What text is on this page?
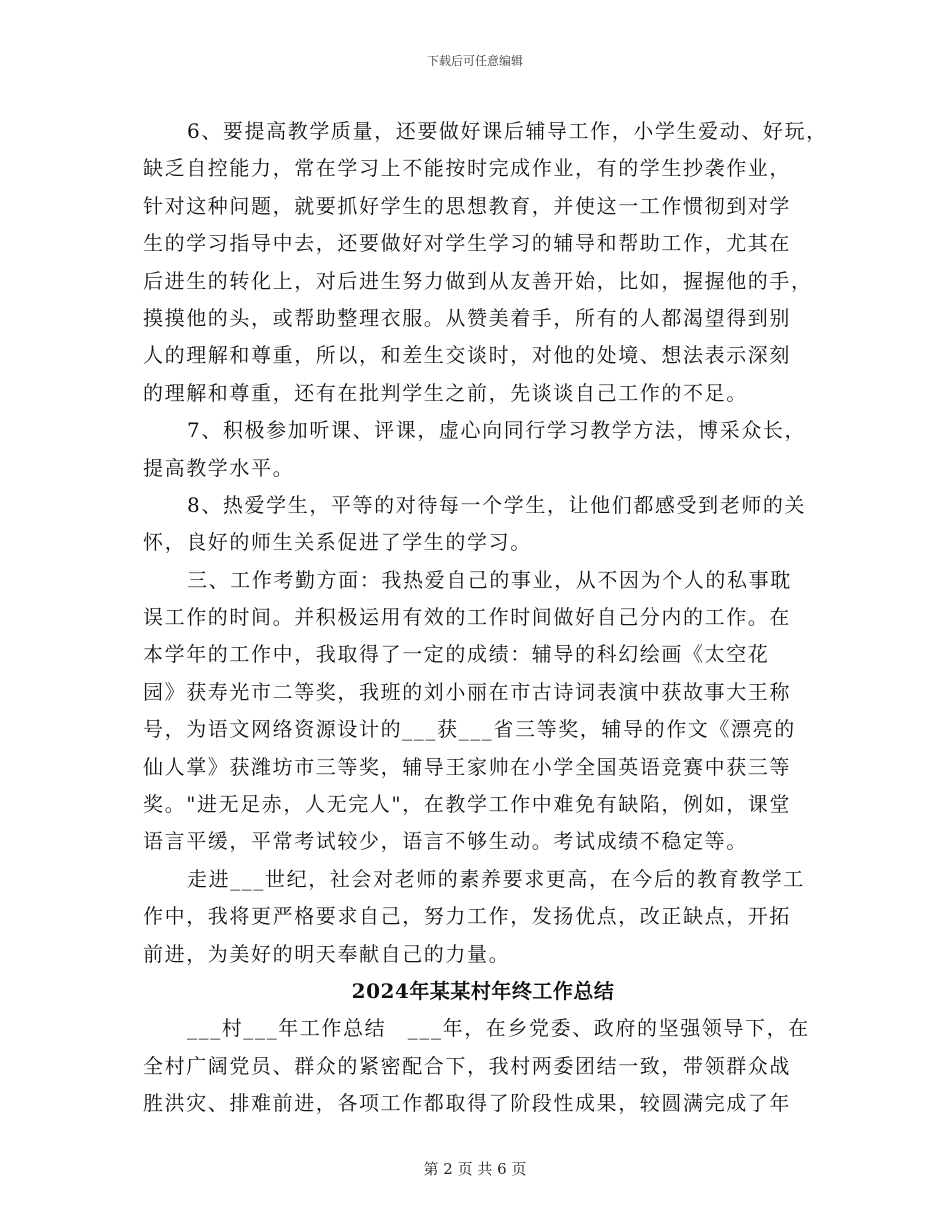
下载后可任意编辑
6、要提高教学质量，还要做好课后辅导工作，小学生爱动、好玩，
缺乏自控能力，常在学习上不能按时完成作业，有的学生抄袭作业，
针对这种问题，就要抓好学生的思想教育，并使这一工作惯彻到对学
生的学习指导中去，还要做好对学生学习的辅导和帮助工作，尤其在
后进生的转化上，对后进生努力做到从友善开始，比如，握握他的手，
摸摸他的头，或帮助整理衣服。从赞美着手，所有的人都渴望得到别
人的理解和尊重，所以，和差生交谈时，对他的处境、想法表示深刻
的理解和尊重，还有在批判学生之前，先谈谈自己工作的不足。
7、积极参加听课、评课，虚心向同行学习教学方法，博采众长，
提高教学水平。
8、热爱学生，平等的对待每一个学生，让他们都感受到老师的关
怀，良好的师生关系促进了学生的学习。
三、工作考勤方面：我热爱自己的事业，从不因为个人的私事耽
误工作的时间。并积极运用有效的工作时间做好自己分内的工作。在
本学年的工作中，我取得了一定的成绩：辅导的科幻绘画《太空花
园》获寿光市二等奖，我班的刘小丽在市古诗词表演中获故事大王称
号，为语文网络资源设计的___获___省三等奖，辅导的作文《漂亮的
仙人掌》获潍坊市三等奖，辅导王家帅在小学全国英语竞赛中获三等
奖。"进无足赤，人无完人"，在教学工作中难免有缺陷，例如，课堂
语言平缓，平常考试较少，语言不够生动。考试成绩不稳定等。
走进___世纪，社会对老师的素养要求更高，在今后的教育教学工
作中，我将更严格要求自己，努力工作，发扬优点，改正缺点，开拓
前进，为美好的明天奉献自己的力量。
2024年某某村年终工作总结
___村___年工作总结　___年，在乡党委、政府的坚强领导下，在
全村广阔党员、群众的紧密配合下，我村两委团结一致，带领群众战
胜洪灾、排难前进，各项工作都取得了阶段性成果，较圆满完成了年
第 2 页 共 6 页
